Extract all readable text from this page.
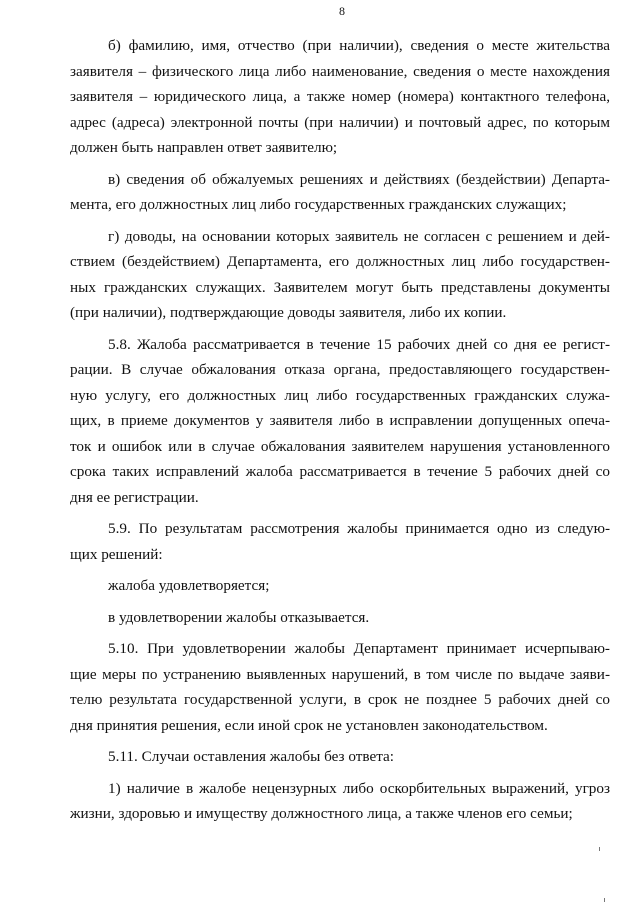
8
б) фамилию, имя, отчество (при наличии), сведения о месте жительства
заявителя – физического лица либо наименование, сведения о месте нахождения
заявителя – юридического лица, а также номер (номера) контактного телефона,
адрес (адреса) электронной почты (при наличии) и почтовый адрес, по которым
должен быть направлен ответ заявителю;
в) сведения об обжалуемых решениях и действиях (бездействии) Департа-
мента, его должностных лиц либо государственных гражданских служащих;
г) доводы, на основании которых заявитель не согласен с решением и дей-
ствием (бездействием) Департамента, его должностных лиц либо государствен-
ных гражданских служащих. Заявителем могут быть представлены документы
(при наличии), подтверждающие доводы заявителя, либо их копии.
5.8. Жалоба рассматривается в течение 15 рабочих дней со дня ее регист-
рации. В случае обжалования отказа органа, предоставляющего государствен-
ную услугу, его должностных лиц либо государственных гражданских служа-
щих, в приеме документов у заявителя либо в исправлении допущенных опеча-
ток и ошибок или в случае обжалования заявителем нарушения установленного
срока таких исправлений жалоба рассматривается в течение 5 рабочих дней со
дня ее регистрации.
5.9. По результатам рассмотрения жалобы принимается одно из следую-
щих решений:
жалоба удовлетворяется;
в удовлетворении жалобы отказывается.
5.10. При удовлетворении жалобы Департамент принимает исчерпываю-
щие меры по устранению выявленных нарушений, в том числе по выдаче заяви-
телю результата государственной услуги, в срок не позднее 5 рабочих дней со
дня принятия решения, если иной срок не установлен законодательством.
5.11. Случаи оставления жалобы без ответа:
1) наличие в жалобе нецензурных либо оскорбительных выражений, угроз
жизни, здоровью и имуществу должностного лица, а также членов его семьи;
